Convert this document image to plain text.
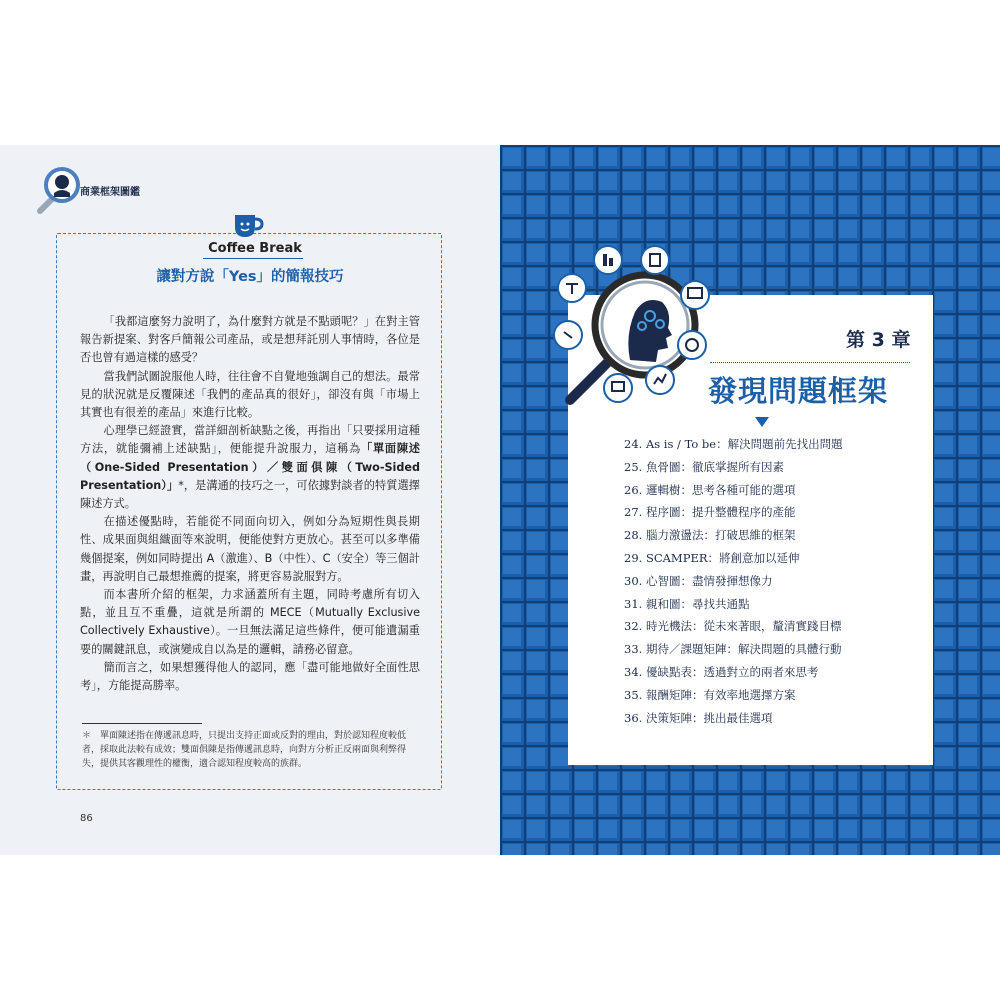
商業框架圖鑑
Coffee Break
讓對方說「Yes」的簡報技巧

「我都這麼努力說明了，為什麼對方就是不點頭呢？」在對主管報告新提案、對客戶簡報公司產品，或是想拜託別人事情時，各位是否也曾有過這樣的感受？

當我們試圖說服他人時，往往會不自覺地強調自己的想法。最常見的狀況就是反覆陳述「我們的產品真的很好」，卻沒有與「市場上其實也有很差的產品」來進行比較。

心理學已經證實，當詳細剖析缺點之後，再指出「只要採用這種方法，就能彌補上述缺點」，便能提升說服力，這稱為「單面陳述（One-Sided Presentation）／雙面俱陳（Two-Sided Presentation）」*，是溝通的技巧之一，可依據對談者的特質選擇陳述方式。

在描述優點時，若能從不同面向切入，例如分為短期性與長期性、成果面與組織面等來說明，便能使對方更放心。甚至可以多準備幾個提案，例如同時提出 A（激進）、B（中性）、C（安全）等三個計畫，再說明自己最想推薦的提案，將更容易說服對方。

而本書所介紹的框架，力求涵蓋所有主題，同時考慮所有切入點，並且互不重疊，這就是所謂的 MECE（Mutually Exclusive Collectively Exhaustive）。一旦無法滿足這些條件，便可能遺漏重要的關鍵訊息，或演變成自以為是的邏輯，請務必留意。

簡而言之，如果想獲得他人的認同，應「盡可能地做好全面性思考」，方能提高勝率。

＊　單面陳述指在傳遞訊息時，只提出支持正面或反對的理由，對於認知程度較低者，採取此法較有成效；雙面俱陳是指傳遞訊息時，向對方分析正反兩面與利弊得失，提供其客觀理性的權衡，適合認知程度較高的族群。
86
第 3 章
發現問題框架
24. As is / To be：解決問題前先找出問題
25. 魚骨圖：徹底掌握所有因素
26. 邏輯樹：思考各種可能的選項
27. 程序圖：提升整體程序的產能
28. 腦力激盪法：打破思維的框架
29. SCAMPER：將創意加以延伸
30. 心智圖：盡情發揮想像力
31. 親和圖：尋找共通點
32. 時光機法：從未來著眼，釐清實踐目標
33. 期待／課題矩陣：解決問題的具體行動
34. 優缺點表：透過對立的兩者來思考
35. 報酬矩陣：有效率地選擇方案
36. 決策矩陣：挑出最佳選項
